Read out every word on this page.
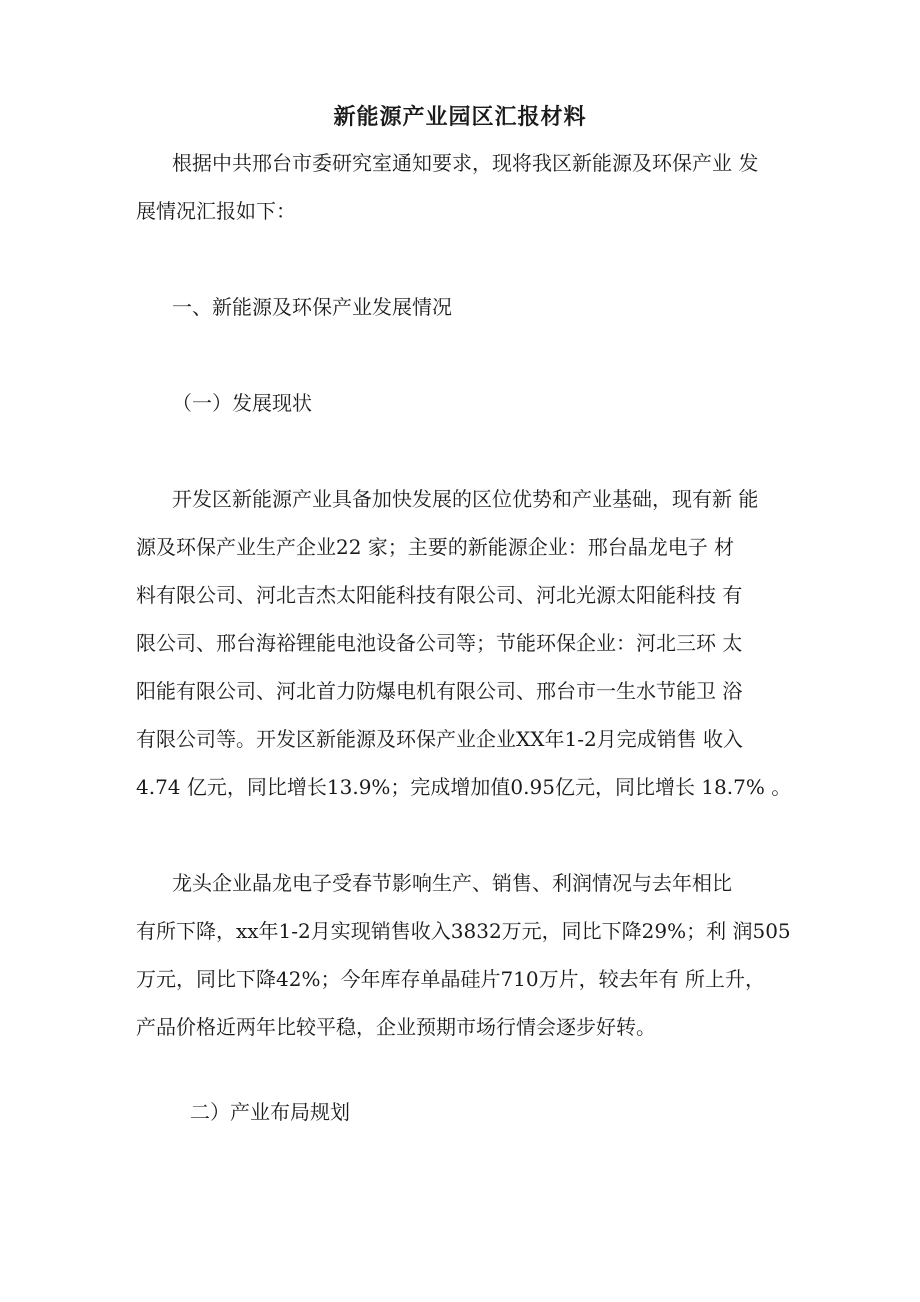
新能源产业园区汇报材料
根据中共邢台市委研究室通知要求，现将我区新能源及环保产业 发
展情况汇报如下：
一、新能源及环保产业发展情况
（一）发展现状
开发区新能源产业具备加快发展的区位优势和产业基础，现有新 能
源及环保产业生产企业22 家；主要的新能源企业：邢台晶龙电子 材
料有限公司、河北吉杰太阳能科技有限公司、河北光源太阳能科技 有
限公司、邢台海裕锂能电池设备公司等；节能环保企业：河北三环 太
阳能有限公司、河北首力防爆电机有限公司、邢台市一生水节能卫 浴
有限公司等。开发区新能源及环保产业企业XX年1-2月完成销售 收入
4.74 亿元，同比增长13.9%；完成增加值0.95亿元，同比增长 18.7% 。
龙头企业晶龙电子受春节影响生产、销售、利润情况与去年相比
有所下降，xx年1-2月实现销售收入3832万元，同比下降29%；利 润505
万元，同比下降42%；今年库存单晶硅片710万片，较去年有 所上升，
产品价格近两年比较平稳，企业预期市场行情会逐步好转。
二）产业布局规划
